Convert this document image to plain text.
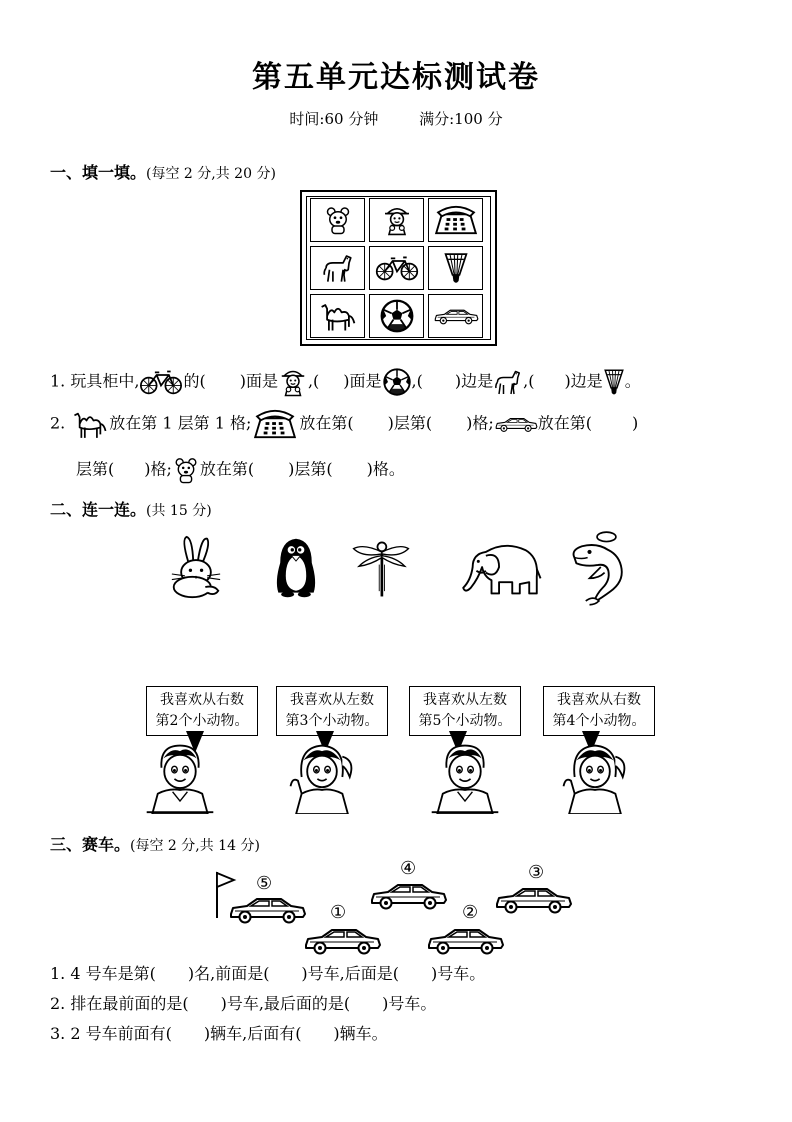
第五单元达标测试卷
时间:60 分钟	满分:100 分
一、填一填。(每空 2 分,共 20 分)
1. 玩具柜中,	的( )面是 ,( )面是 ,( )边是 ,( )边是 。
2.	放在第 1 层第 1 格;	放在第( )层第( )格;	放在第(	)
层第( )格; 放在第( )层第( )格。
二、连一连。(共 15 分)
我喜欢从右数
第2个小动物。
我喜欢从左数
第3个小动物。
我喜欢从左数
第5个小动物。
我喜欢从右数
第4个小动物。
三、赛车。(每空 2 分,共 14 分)
⑤
④	③
①	②
1. 4 号车是第(　　)名,前面是(　　)号车,后面是(　　)号车。
2. 排在最前面的是(　　)号车,最后面的是(　　)号车。
3. 2 号车前面有(　　)辆车,后面有(　　)辆车。
